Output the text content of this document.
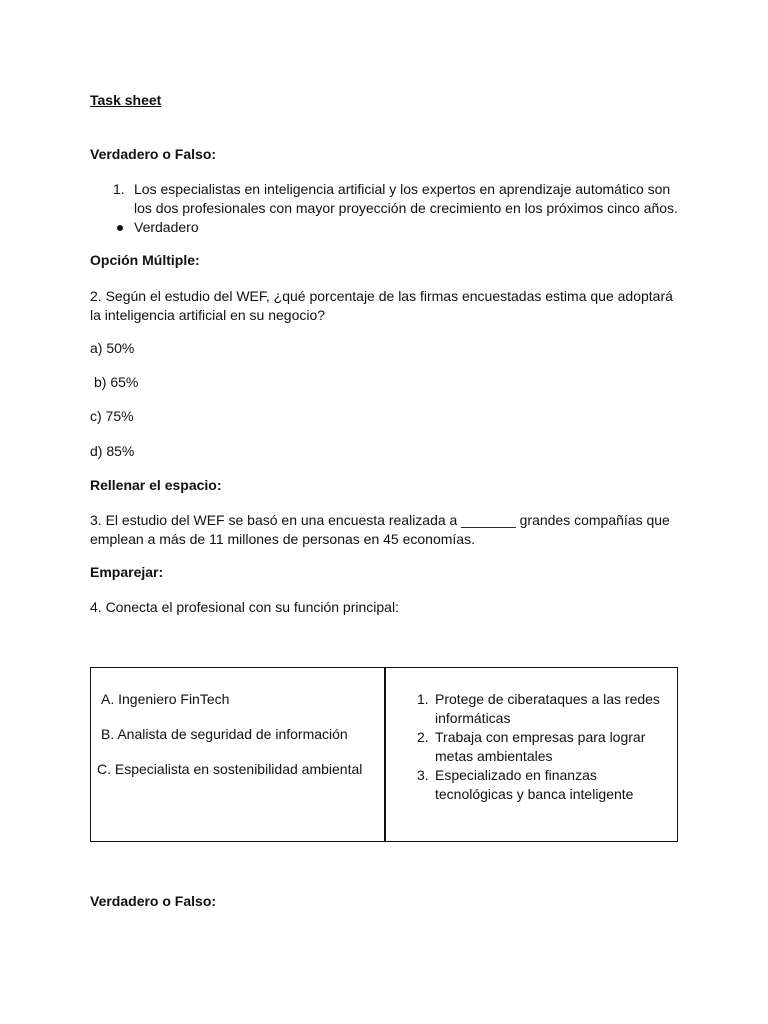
Task sheet
Verdadero o Falso:
1. Los especialistas en inteligencia artificial y los expertos en aprendizaje automático son los dos profesionales con mayor proyección de crecimiento en los próximos cinco años.
Verdadero
Opción Múltiple:
2. Según el estudio del WEF, ¿qué porcentaje de las firmas encuestadas estima que adoptará la inteligencia artificial en su negocio?
a) 50%
b) 65%
c) 75%
d) 85%
Rellenar el espacio:
3. El estudio del WEF se basó en una encuesta realizada a _______ grandes compañías que emplean a más de 11 millones de personas en 45 economías.
Emparejar:
4. Conecta el profesional con su función principal:

A. Ingeniero FinTech

B. Analista de seguridad de información

C. Especialista en sostenibilidad ambiental

1. Protege de ciberataques a las redes informáticas

2. Trabaja con empresas para lograr metas ambientales

3. Especializado en finanzas tecnológicas y banca inteligente

Verdadero o Falso:
